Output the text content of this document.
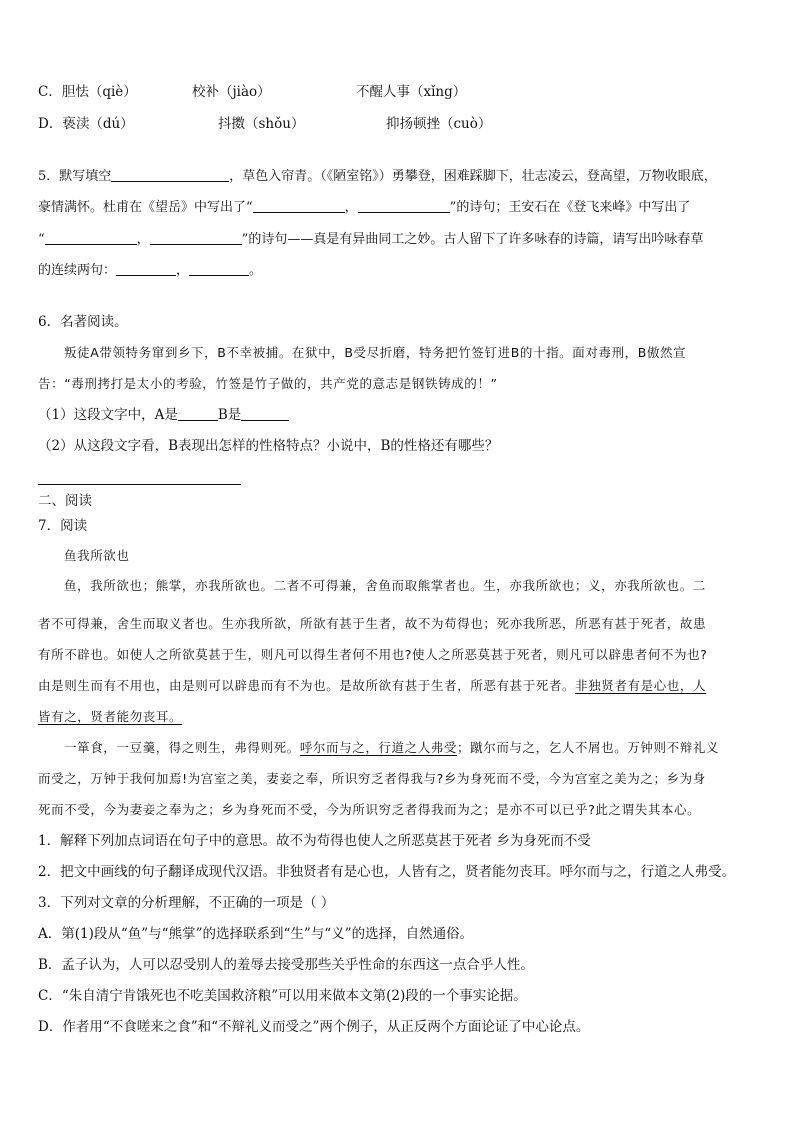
C．胆怯（qiè）	校补（jiào）	不醒人事（xǐng）
D．亵渎（dú）	抖擞（shǒu）	抑扬顿挫（cuò）
5．默写填空	，草色入帘青。（《陋室铭》）勇攀登，困难踩脚下，壮志凌云，登高望，万物收眼底，
豪情满怀。杜甫在《望岳》中写出了“	，	”的诗句；王安石在《登飞来峰》中写出了
“	，	”的诗句——真是有异曲同工之妙。古人留下了许多咏春的诗篇，请写出吟咏春草
的连续两句：	，	。
6．名著阅读。
叛徒A带领特务窜到乡下，B不幸被捕。在狱中，B受尽折磨，特务把竹签钉进B的十指。面对毒刑，B傲然宣
告：“毒刑拷打是太小的考验，竹签是竹子做的，共产党的意志是钢铁铸成的！”
（1）这段文字中，A是	B是
（2）从这段文字看，B表现出怎样的性格特点？小说中，B的性格还有哪些？
二、阅读
7．阅读
鱼我所欲也
鱼，我所欲也；熊掌，亦我所欲也。二者不可得兼，舍鱼而取熊掌者也。生，亦我所欲也；义，亦我所欲也。二
者不可得兼，舍生而取义者也。生亦我所欲，所欲有甚于生者，故不为苟得也；死亦我所恶，所恶有甚于死者，故患
有所不辟也。如使人之所欲莫甚于生，则凡可以得生者何不用也?使人之所恶莫甚于死者，则凡可以辟患者何不为也?
由是则生而有不用也，由是则可以辟患而有不为也。是故所欲有甚于生者，所恶有甚于死者。非独贤者有是心也，人
皆有之，贤者能勿丧耳。
一箪食，一豆羹，得之则生，弗得则死。呼尔而与之，行道之人弗受；蹴尔而与之，乞人不屑也。万钟则不辩礼义
而受之，万钟于我何加焉!为宫室之美，妻妾之奉，所识穷乏者得我与?乡为身死而不受，今为宫室之美为之；乡为身
死而不受，今为妻妾之奉为之；乡为身死而不受，今为所识穷乏者得我而为之；是亦不可以已乎?此之谓失其本心。
1．解释下列加点词语在句子中的意思。故不为苟得也使人之所恶莫甚于死者 乡为身死而不受
2．把文中画线的句子翻译成现代汉语。非独贤者有是心也，人皆有之，贤者能勿丧耳。呼尔而与之，行道之人弗受。
3．下列对文章的分析理解，不正确的一项是（ ）
A．第(1)段从“鱼”与“熊掌”的选择联系到“生”与“义”的选择，自然通俗。
B．孟子认为，人可以忍受别人的羞辱去接受那些关乎性命的东西这一点合乎人性。
C．“朱自清宁肯饿死也不吃美国救济粮”可以用来做本文第(2)段的一个事实论据。
D．作者用“不食嗟来之食”和“不辩礼义而受之”两个例子，从正反两个方面论证了中心论点。
